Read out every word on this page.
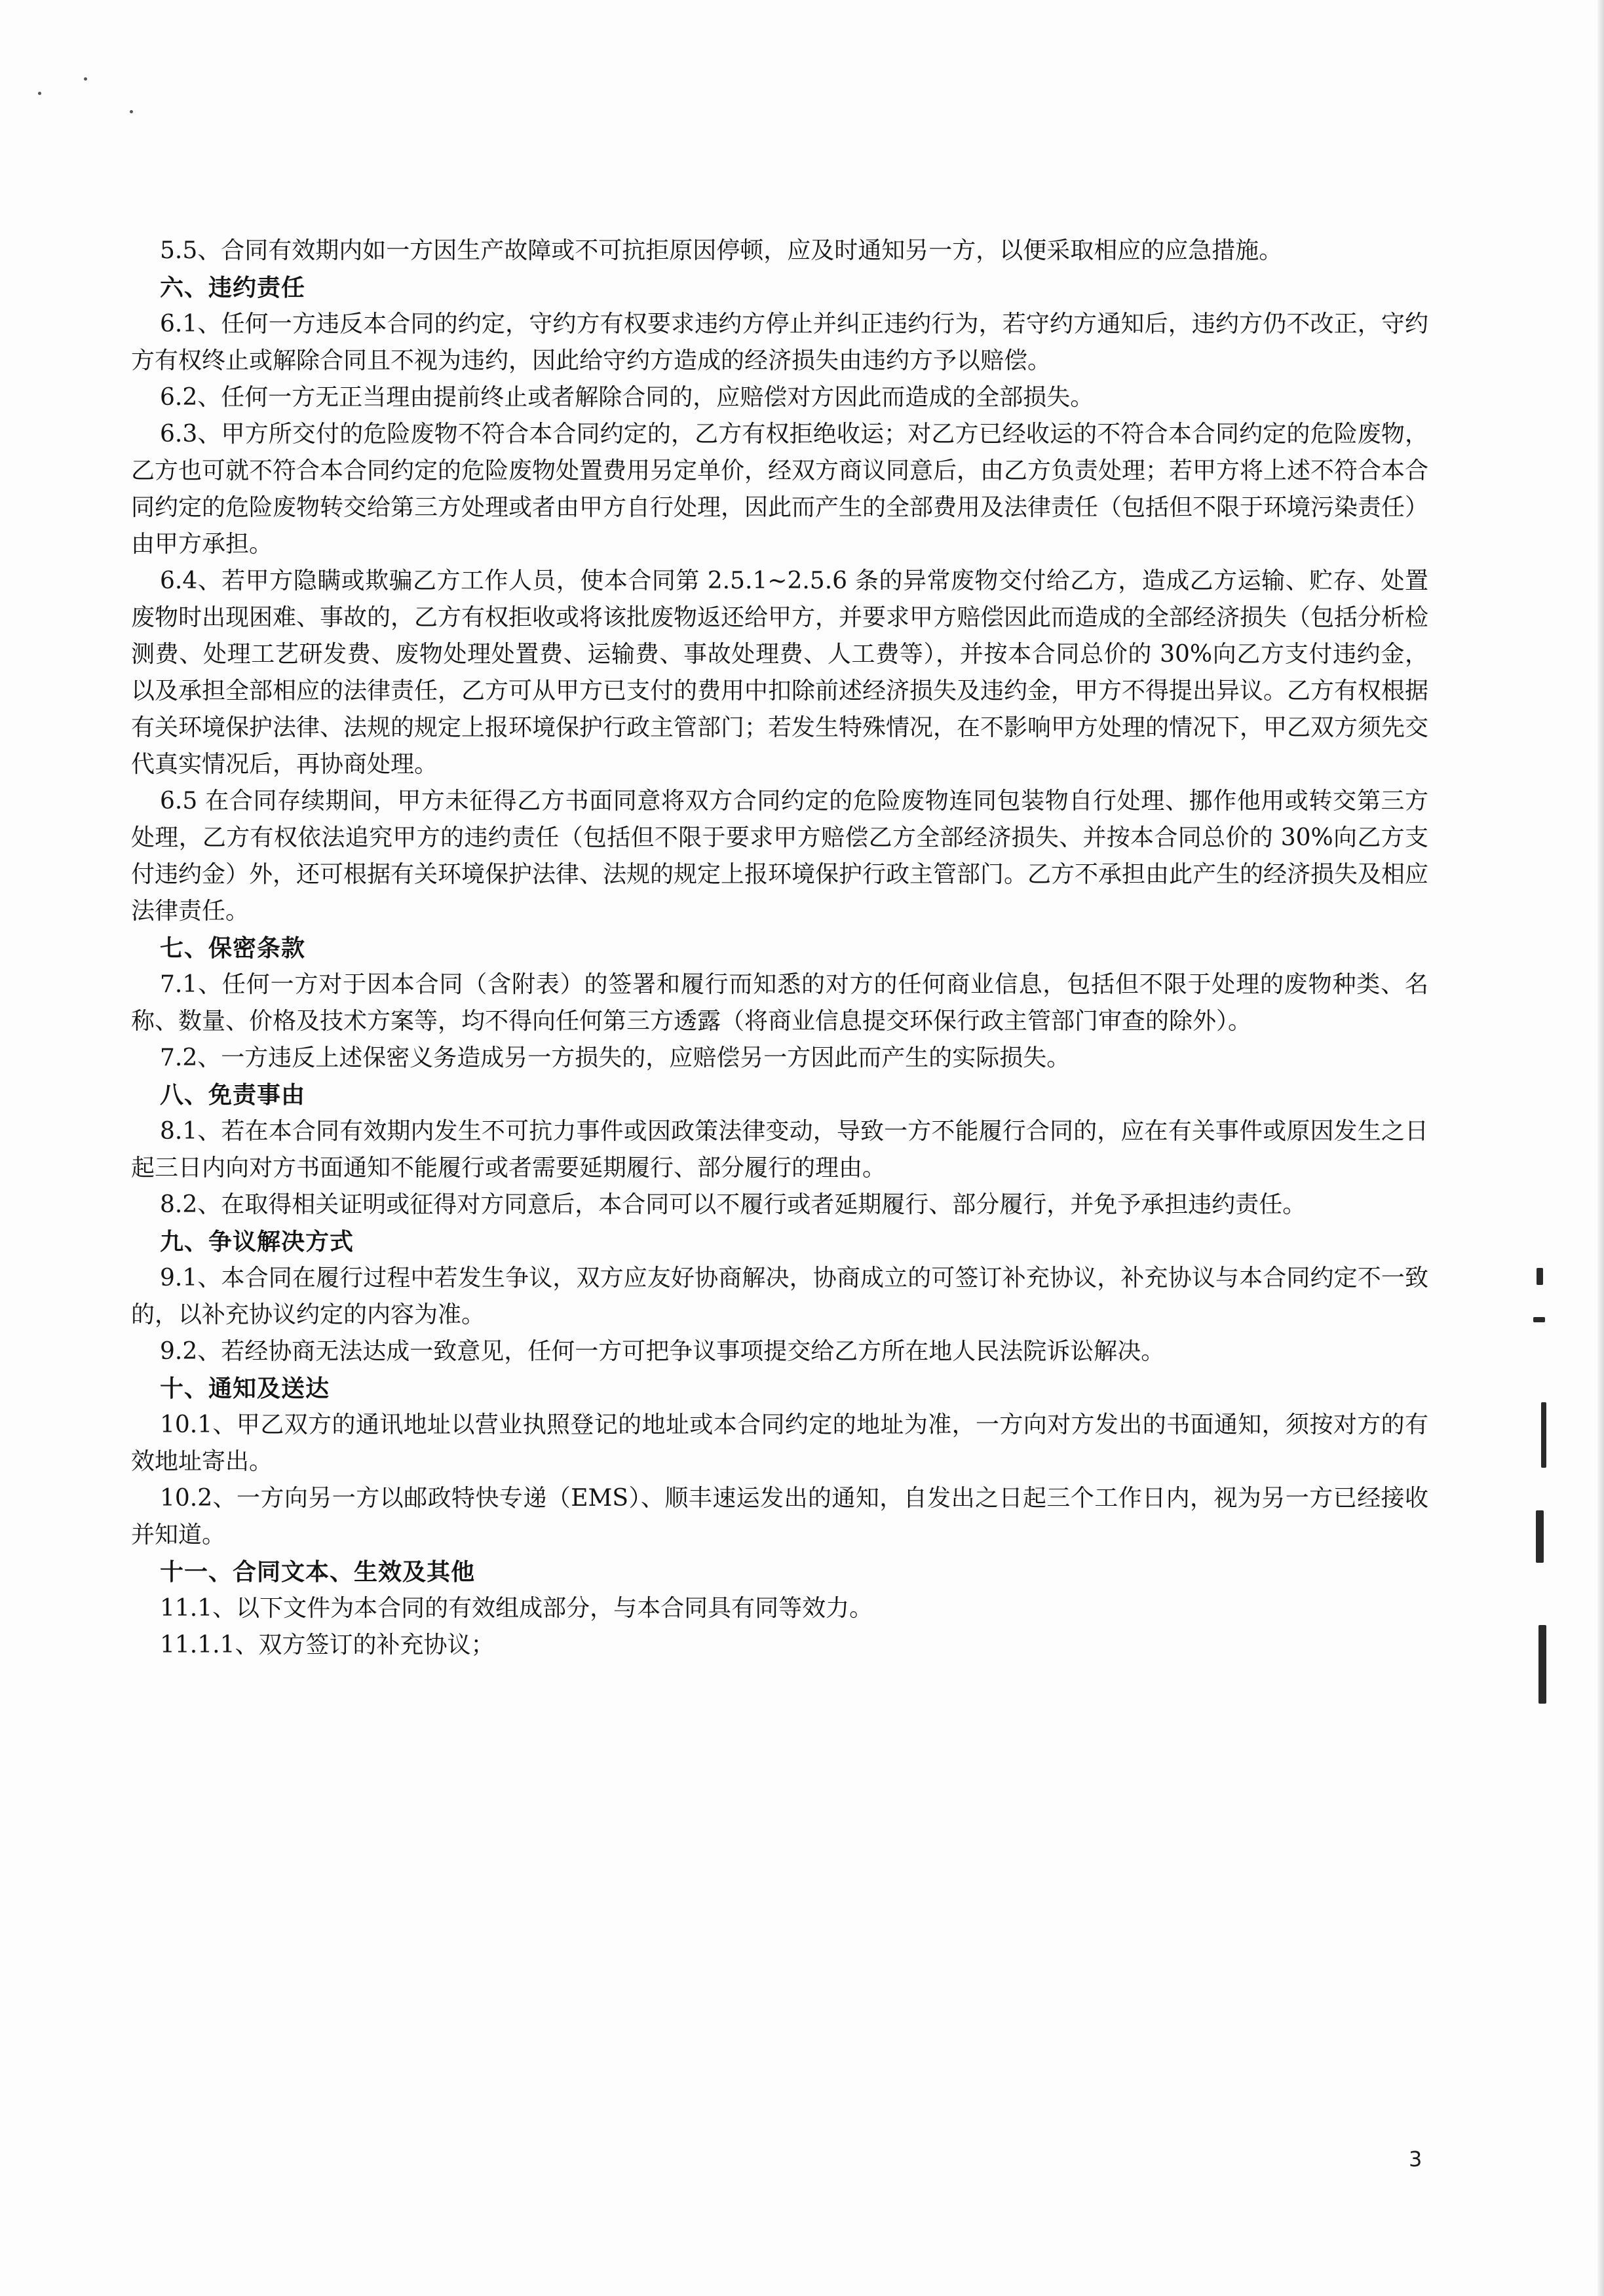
5.5、合同有效期内如一方因生产故障或不可抗拒原因停顿，应及时通知另一方，以便采取相应的应急措施。

六、违约责任

6.1、任何一方违反本合同的约定，守约方有权要求违约方停止并纠正违约行为，若守约方通知后，违约方仍不改正，守约方有权终止或解除合同且不视为违约，因此给守约方造成的经济损失由违约方予以赔偿。

6.2、任何一方无正当理由提前终止或者解除合同的，应赔偿对方因此而造成的全部损失。

6.3、甲方所交付的危险废物不符合本合同约定的，乙方有权拒绝收运；对乙方已经收运的不符合本合同约定的危险废物，乙方也可就不符合本合同约定的危险废物处置费用另定单价，经双方商议同意后，由乙方负责处理；若甲方将上述不符合本合同约定的危险废物转交给第三方处理或者由甲方自行处理，因此而产生的全部费用及法律责任（包括但不限于环境污染责任）由甲方承担。

6.4、若甲方隐瞒或欺骗乙方工作人员，使本合同第 2.5.1~2.5.6 条的异常废物交付给乙方，造成乙方运输、贮存、处置废物时出现困难、事故的，乙方有权拒收或将该批废物返还给甲方，并要求甲方赔偿因此而造成的全部经济损失（包括分析检测费、处理工艺研发费、废物处理处置费、运输费、事故处理费、人工费等），并按本合同总价的 30%向乙方支付违约金，以及承担全部相应的法律责任，乙方可从甲方已支付的费用中扣除前述经济损失及违约金，甲方不得提出异议。乙方有权根据有关环境保护法律、法规的规定上报环境保护行政主管部门；若发生特殊情况，在不影响甲方处理的情况下，甲乙双方须先交代真实情况后，再协商处理。

6.5 在合同存续期间，甲方未征得乙方书面同意将双方合同约定的危险废物连同包装物自行处理、挪作他用或转交第三方处理，乙方有权依法追究甲方的违约责任（包括但不限于要求甲方赔偿乙方全部经济损失、并按本合同总价的 30%向乙方支付违约金）外，还可根据有关环境保护法律、法规的规定上报环境保护行政主管部门。乙方不承担由此产生的经济损失及相应法律责任。

七、保密条款

7.1、任何一方对于因本合同（含附表）的签署和履行而知悉的对方的任何商业信息，包括但不限于处理的废物种类、名称、数量、价格及技术方案等，均不得向任何第三方透露（将商业信息提交环保行政主管部门审查的除外）。

7.2、一方违反上述保密义务造成另一方损失的，应赔偿另一方因此而产生的实际损失。

八、免责事由

8.1、若在本合同有效期内发生不可抗力事件或因政策法律变动，导致一方不能履行合同的，应在有关事件或原因发生之日起三日内向对方书面通知不能履行或者需要延期履行、部分履行的理由。

8.2、在取得相关证明或征得对方同意后，本合同可以不履行或者延期履行、部分履行，并免予承担违约责任。

九、争议解决方式

9.1、本合同在履行过程中若发生争议，双方应友好协商解决，协商成立的可签订补充协议，补充协议与本合同约定不一致的，以补充协议约定的内容为准。

9.2、若经协商无法达成一致意见，任何一方可把争议事项提交给乙方所在地人民法院诉讼解决。

十、通知及送达

10.1、甲乙双方的通讯地址以营业执照登记的地址或本合同约定的地址为准，一方向对方发出的书面通知，须按对方的有效地址寄出。

10.2、一方向另一方以邮政特快专递（EMS）、顺丰速运发出的通知，自发出之日起三个工作日内，视为另一方已经接收并知道。

十一、合同文本、生效及其他

11.1、以下文件为本合同的有效组成部分，与本合同具有同等效力。

11.1.1、双方签订的补充协议；

3
